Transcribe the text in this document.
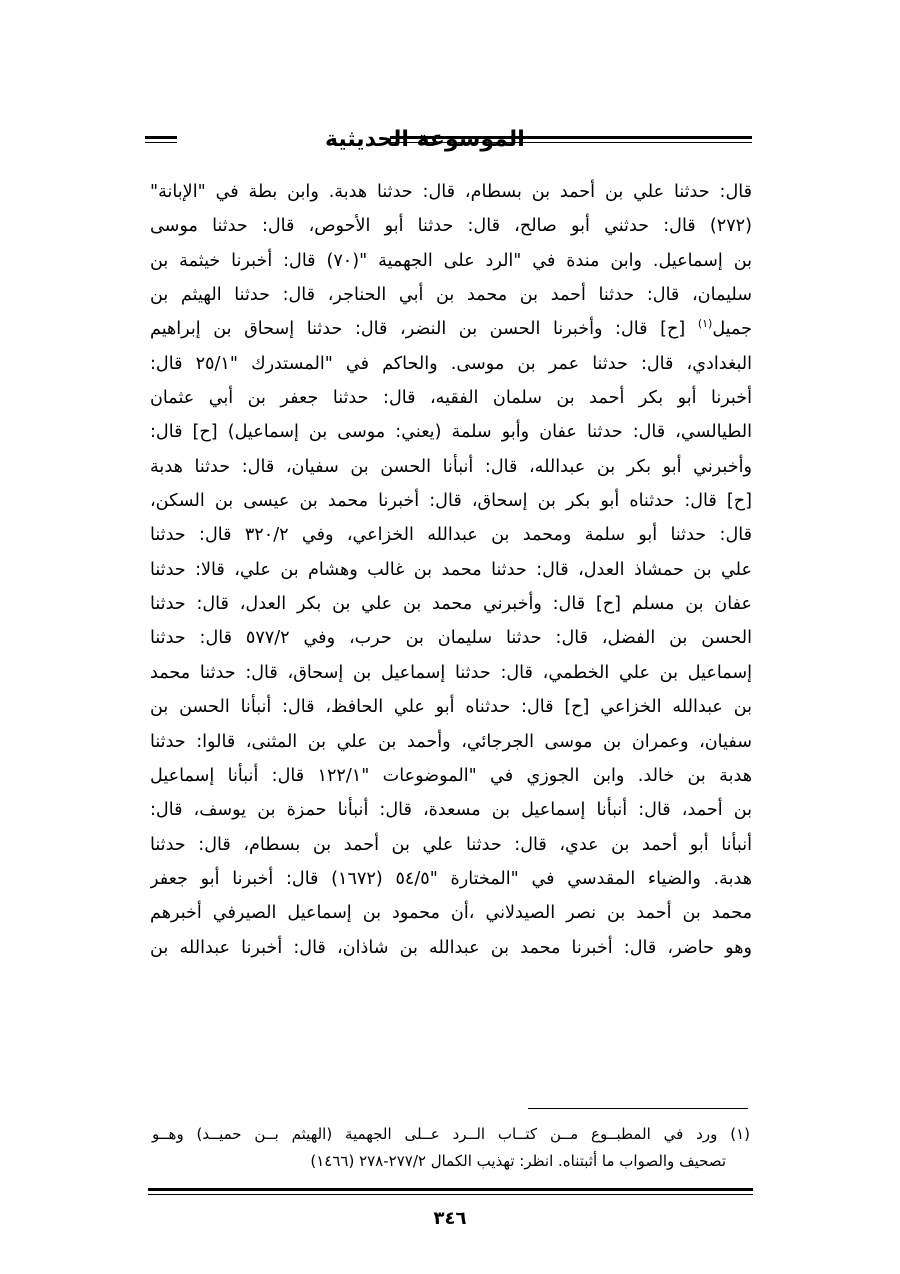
الموسوعة الحديثية
قال: حدثنا علي بن أحمد بن بسطام، قال: حدثنا هدبة. وابن بطة في "الإبانة"
(٢٧٢) قال: حدثني أبو صالح، قال: حدثنا أبو الأحوص، قال: حدثنا موسى
بن إسماعيل. وابن مندة في "الرد على الجهمية "(٧٠) قال: أخبرنا خيثمة بن
سليمان، قال: حدثنا أحمد بن محمد بن أبي الحناجر، قال: حدثنا الهيثم بن
جميل$^{(١)}$ [ح] قال: وأخبرنا الحسن بن النضر، قال: حدثنا إسحاق بن إبراهيم
البغدادي، قال: حدثنا عمر بن موسى. والحاكم في "المستدرك "٢٥/١ قال:
أخبرنا أبو بكر أحمد بن سلمان الفقيه، قال: حدثنا جعفر بن أبي عثمان
الطيالسي، قال: حدثنا عفان وأبو سلمة (يعني: موسى بن إسماعيل) [ح] قال:
وأخبرني أبو بكر بن عبدالله، قال: أنبأنا الحسن بن سفيان، قال: حدثنا هدبة
[ح] قال: حدثناه أبو بكر بن إسحاق، قال: أخبرنا محمد بن عيسى بن السكن،
قال: حدثنا أبو سلمة ومحمد بن عبدالله الخزاعي، وفي ٣٢٠/٢ قال: حدثنا
علي بن حمشاذ العدل، قال: حدثنا محمد بن غالب وهشام بن علي، قالا: حدثنا
عفان بن مسلم [ح] قال: وأخبرني محمد بن علي بن بكر العدل، قال: حدثنا
الحسن بن الفضل، قال: حدثنا سليمان بن حرب، وفي ٥٧٧/٢ قال: حدثنا
إسماعيل بن علي الخطمي، قال: حدثنا إسماعيل بن إسحاق، قال: حدثنا محمد
بن عبدالله الخزاعي [ح] قال: حدثناه أبو علي الحافظ، قال: أنبأنا الحسن بن
سفيان، وعمران بن موسى الجرجائي، وأحمد بن علي بن المثنى، قالوا: حدثنا
هدبة بن خالد. وابن الجوزي في "الموضوعات "١٢٢/١ قال: أنبأنا إسماعيل
بن أحمد، قال: أنبأنا إسماعيل بن مسعدة، قال: أنبأنا حمزة بن يوسف، قال:
أنبأنا أبو أحمد بن عدي، قال: حدثنا علي بن أحمد بن بسطام، قال: حدثنا
هدبة. والضياء المقدسي في "المختارة "٥٤/٥ (١٦٧٢) قال: أخبرنا أبو جعفر
محمد بن أحمد بن نصر الصيدلاني ،أن محمود بن إسماعيل الصيرفي أخبرهم
وهو حاضر، قال: أخبرنا محمد بن عبدالله بن شاذان، قال: أخبرنا عبدالله بن
(١) ورد في المطبــوع مــن كتــاب الــرد عــلى الجهمية (الهيثم بــن حميــد) وهــو
تصحيف والصواب ما أثبتناه. انظر: تهذيب الكمال ٢٧٧/٢-٢٧٨ (١٤٦٦)
٣٤٦
